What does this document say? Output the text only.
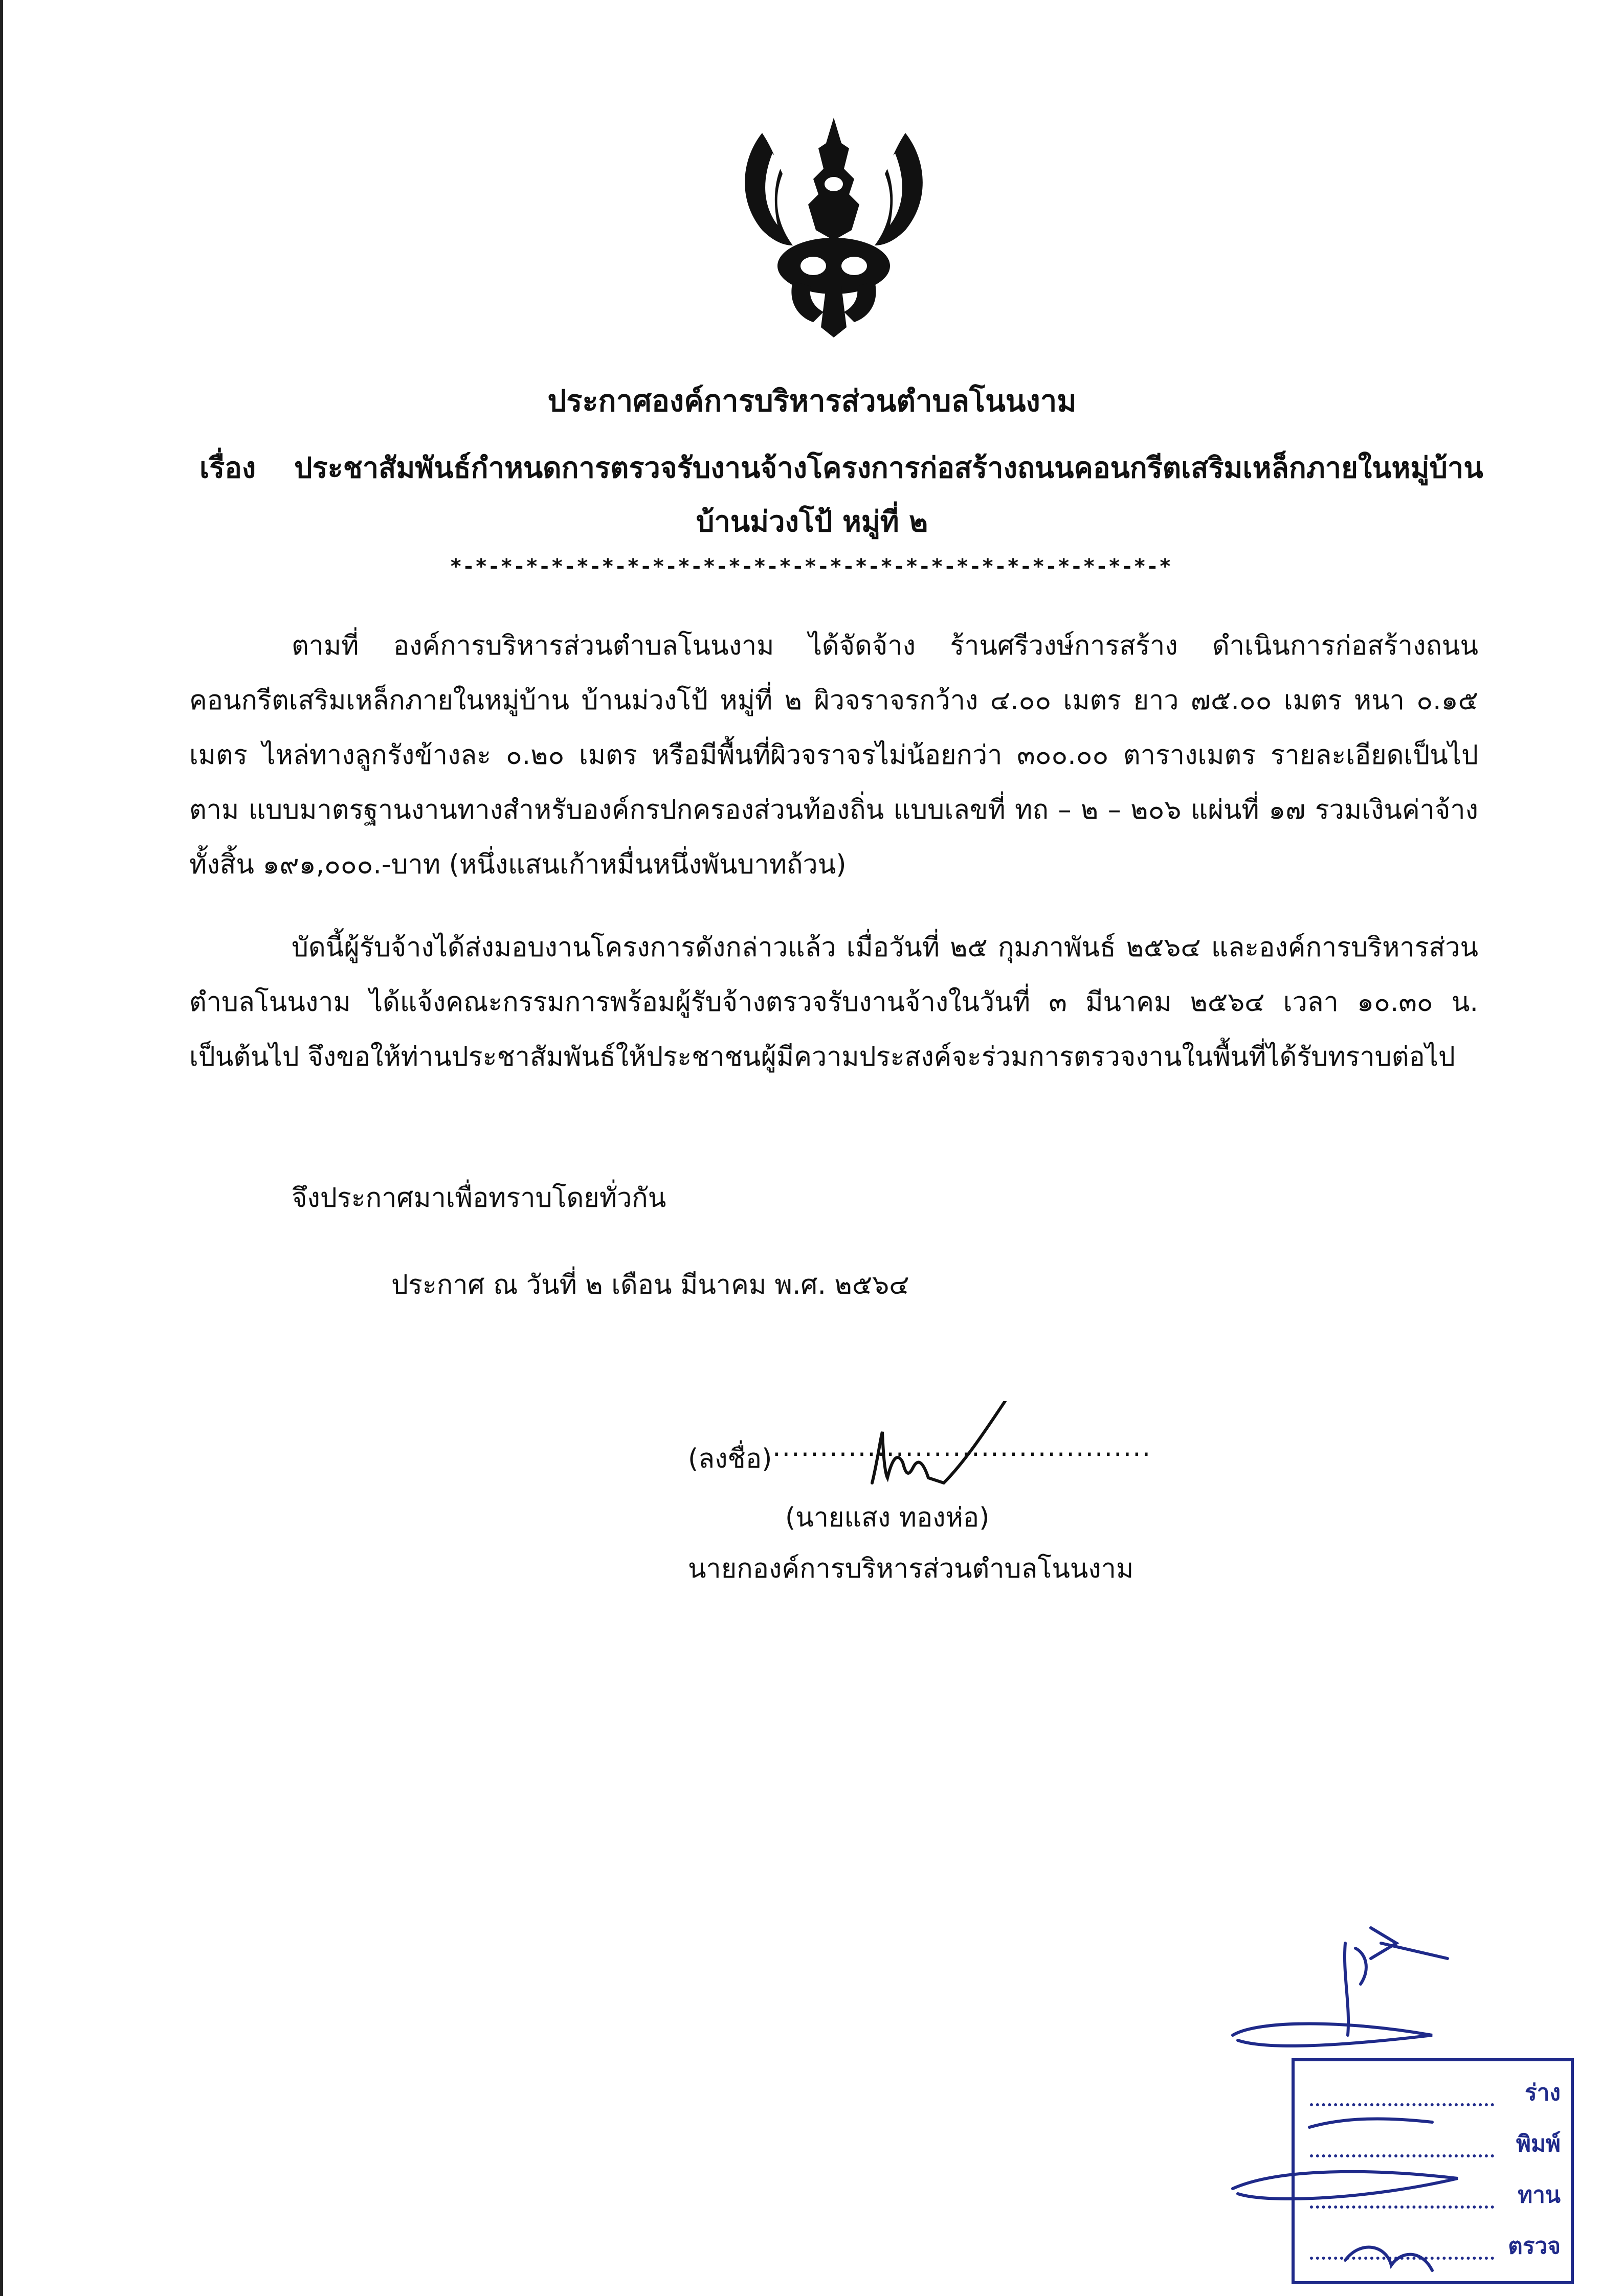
ประกาศองค์การบริหารส่วนตำบลโนนงาม
เรื่อง ประชาสัมพันธ์กำหนดการตรวจรับงานจ้างโครงการก่อสร้างถนนคอนกรีตเสริมเหล็กภายในหมู่บ้าน
บ้านม่วงโป้ หมู่ที่ ๒
*-*-*-*-*-*-*-*-*-*-*-*-*-*-*-*-*-*-*-*-*-*-*-*-*-*-*-*-*

ตามที่ องค์การบริหารส่วนตำบลโนนงาม ได้จัดจ้าง ร้านศรีวงษ์การสร้าง ดำเนินการก่อสร้างถนนคอนกรีตเสริมเหล็กภายในหมู่บ้าน บ้านม่วงโป้ หมู่ที่ ๒ ผิวจราจรกว้าง ๔.๐๐ เมตร ยาว ๗๕.๐๐ เมตร หนา ๐.๑๕ เมตร ไหล่ทางลูกรังข้างละ ๐.๒๐ เมตร หรือมีพื้นที่ผิวจราจรไม่น้อยกว่า ๓๐๐.๐๐ ตารางเมตร รายละเอียดเป็นไปตาม แบบมาตรฐานงานทางสำหรับองค์กรปกครองส่วนท้องถิ่น แบบเลขที่ ทถ – ๒ – ๒๐๖ แผ่นที่ ๑๗ รวมเงินค่าจ้างทั้งสิ้น ๑๙๑,๐๐๐.-บาท (หนึ่งแสนเก้าหมื่นหนึ่งพันบาทถ้วน)

บัดนี้ผู้รับจ้างได้ส่งมอบงานโครงการดังกล่าวแล้ว เมื่อวันที่ ๒๕ กุมภาพันธ์ ๒๕๖๔ และองค์การบริหารส่วนตำบลโนนงาม ได้แจ้งคณะกรรมการพร้อมผู้รับจ้างตรวจรับงานจ้างในวันที่ ๓ มีนาคม ๒๕๖๔ เวลา ๑๐.๓๐ น. เป็นต้นไป จึงขอให้ท่านประชาสัมพันธ์ให้ประชาชนผู้มีความประสงค์จะร่วมการตรวจงานในพื้นที่ได้รับทราบต่อไป

จึงประกาศมาเพื่อทราบโดยทั่วกัน
ประกาศ ณ วันที่ ๒ เดือน มีนาคม พ.ศ. ๒๕๖๔
(ลงชื่อ) ........................................
(นายแสง ทองห่อ)
นายกองค์การบริหารส่วนตำบลโนนงาม
ร่าง
พิมพ์
ทาน
ตรวจ
